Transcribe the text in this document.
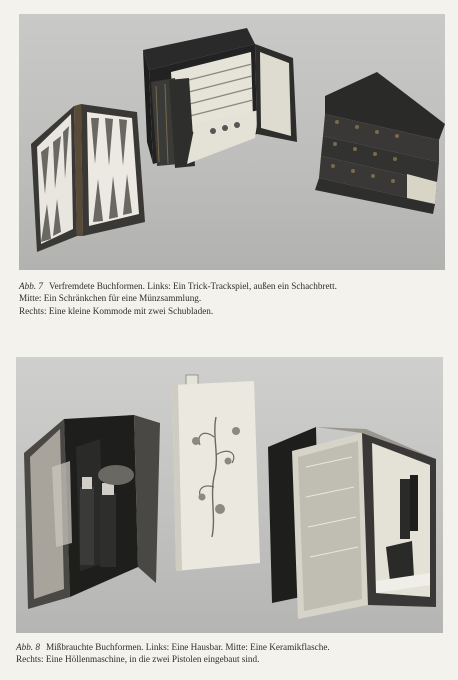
Abb. 7 Verfremdete Buchformen. Links: Ein Trick-Trackspiel, außen ein Schachbrett.
Mitte: Ein Schränkchen für eine Münzsammlung.
Rechts: Eine kleine Kommode mit zwei Schubladen.
Abb. 8 Mißbrauchte Buchformen. Links: Eine Hausbar. Mitte: Eine Keramikflasche.
Rechts: Eine Höllenmaschine, in die zwei Pistolen eingebaut sind.
